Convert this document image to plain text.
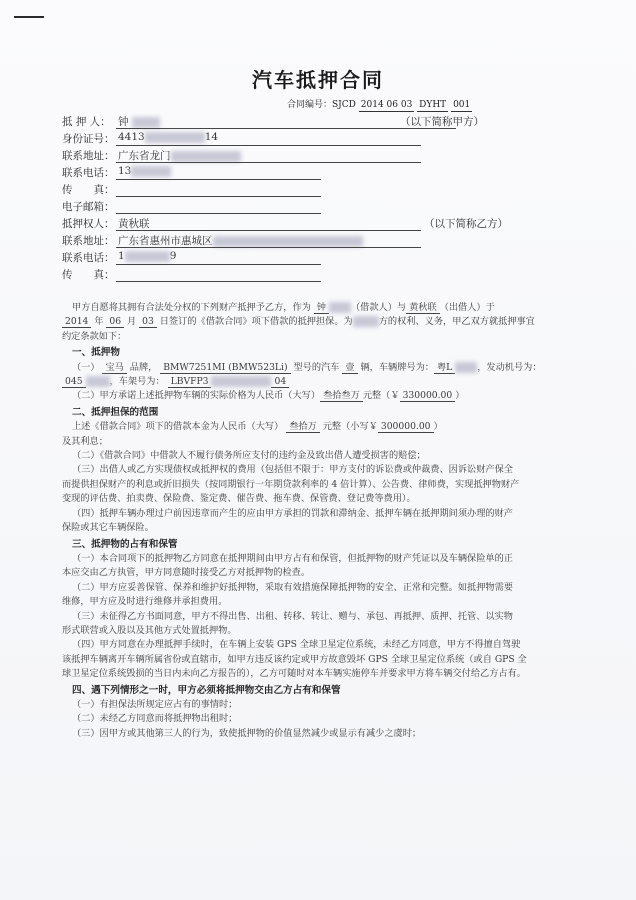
汽车抵押合同
合同编号：SJCD 2014 06 03 DYHT 001
抵 押 人： 钟	（以下简称甲方）
身份证号： 4413	14
联系地址： 广东省龙门
联系电话： 13
传　　真：
电子邮箱：
抵押权人： 黄秋联	（以下简称乙方）
联系地址： 广东省惠州市惠城区
联系电话： 1	9
传　　真：

甲方自愿将其拥有合法处分权的下列财产抵押予乙方，作为 钟	（借款人）与 黄秋联 （出借人）于

2014 年 06 月 03 日签订的《借款合同》项下借款的抵押担保。为	方的权利、义务，甲乙双方就抵押事宜

约定条款如下：

一、抵押物

（一） 宝马 品牌， BMW7251MI (BMW523Li) 型号的汽车 壹 辆，车辆牌号为： 粤L	，发动机号为：

045	，车架号为： LBVFP3	04

（二）甲方承诺上述抵押物车辆的实际价格为人民币（大写） 叁拾叁万 元整（￥ 330000.00 ）

二、抵押担保的范围

上述《借款合同》项下的借款本金为人民币（大写） 叁拾万 元整（小写￥ 300000.00 ）

及其利息；

（二）《借款合同》中借款人不履行债务所应支付的违约金及致出借人遭受损害的赔偿；

（三）出借人或乙方实现债权或抵押权的费用（包括但不限于：甲方支付的诉讼费或仲裁费、因诉讼财产保全

而提供担保财产的利息或折旧损失（按同期银行一年期贷款利率的 4 倍计算）、公告费、律师费，实现抵押物财产

变现的评估费、拍卖费、保险费、鉴定费、催告费、拖车费、保管费、登记费等费用）。

（四）抵押车辆办理过户前因违章而产生的应由甲方承担的罚款和滞纳金、抵押车辆在抵押期间须办理的财产

保险或其它车辆保险。

三、抵押物的占有和保管

（一）本合同项下的抵押物乙方同意在抵押期间由甲方占有和保管，但抵押物的财产凭证以及车辆保险单的正

本应交由乙方执管，甲方同意随时接受乙方对抵押物的检查。

（二）甲方应妥善保管、保养和维护好抵押物，采取有效措施保障抵押物的安全、正常和完整。如抵押物需要

维修，甲方应及时进行维修并承担费用。

（三）未征得乙方书面同意，甲方不得出售、出租、转移、转让、赠与、承包、再抵押、质押、托管、以实物

形式联营或入股以及其他方式处置抵押物。

（四）甲方同意在办理抵押手续时，在车辆上安装 GPS 全球卫星定位系统，未经乙方同意，甲方不得擅自驾驶

该抵押车辆离开车辆所属省份或直辖市，如甲方违反该约定或甲方故意毁坏 GPS 全球卫星定位系统（或自 GPS 全

球卫星定位系统毁损的当日内未向乙方报告的），乙方可随时对本车辆实施停车并要求甲方将车辆交付给乙方占有。

四、遇下列情形之一时，甲方必须将抵押物交由乙方占有和保管

（一）有担保法所规定应占有的事情时；

（二）未经乙方同意而将抵押物出租时；

（三）因甲方或其他第三人的行为，致使抵押物的价值显然减少或显示有减少之虞时；
